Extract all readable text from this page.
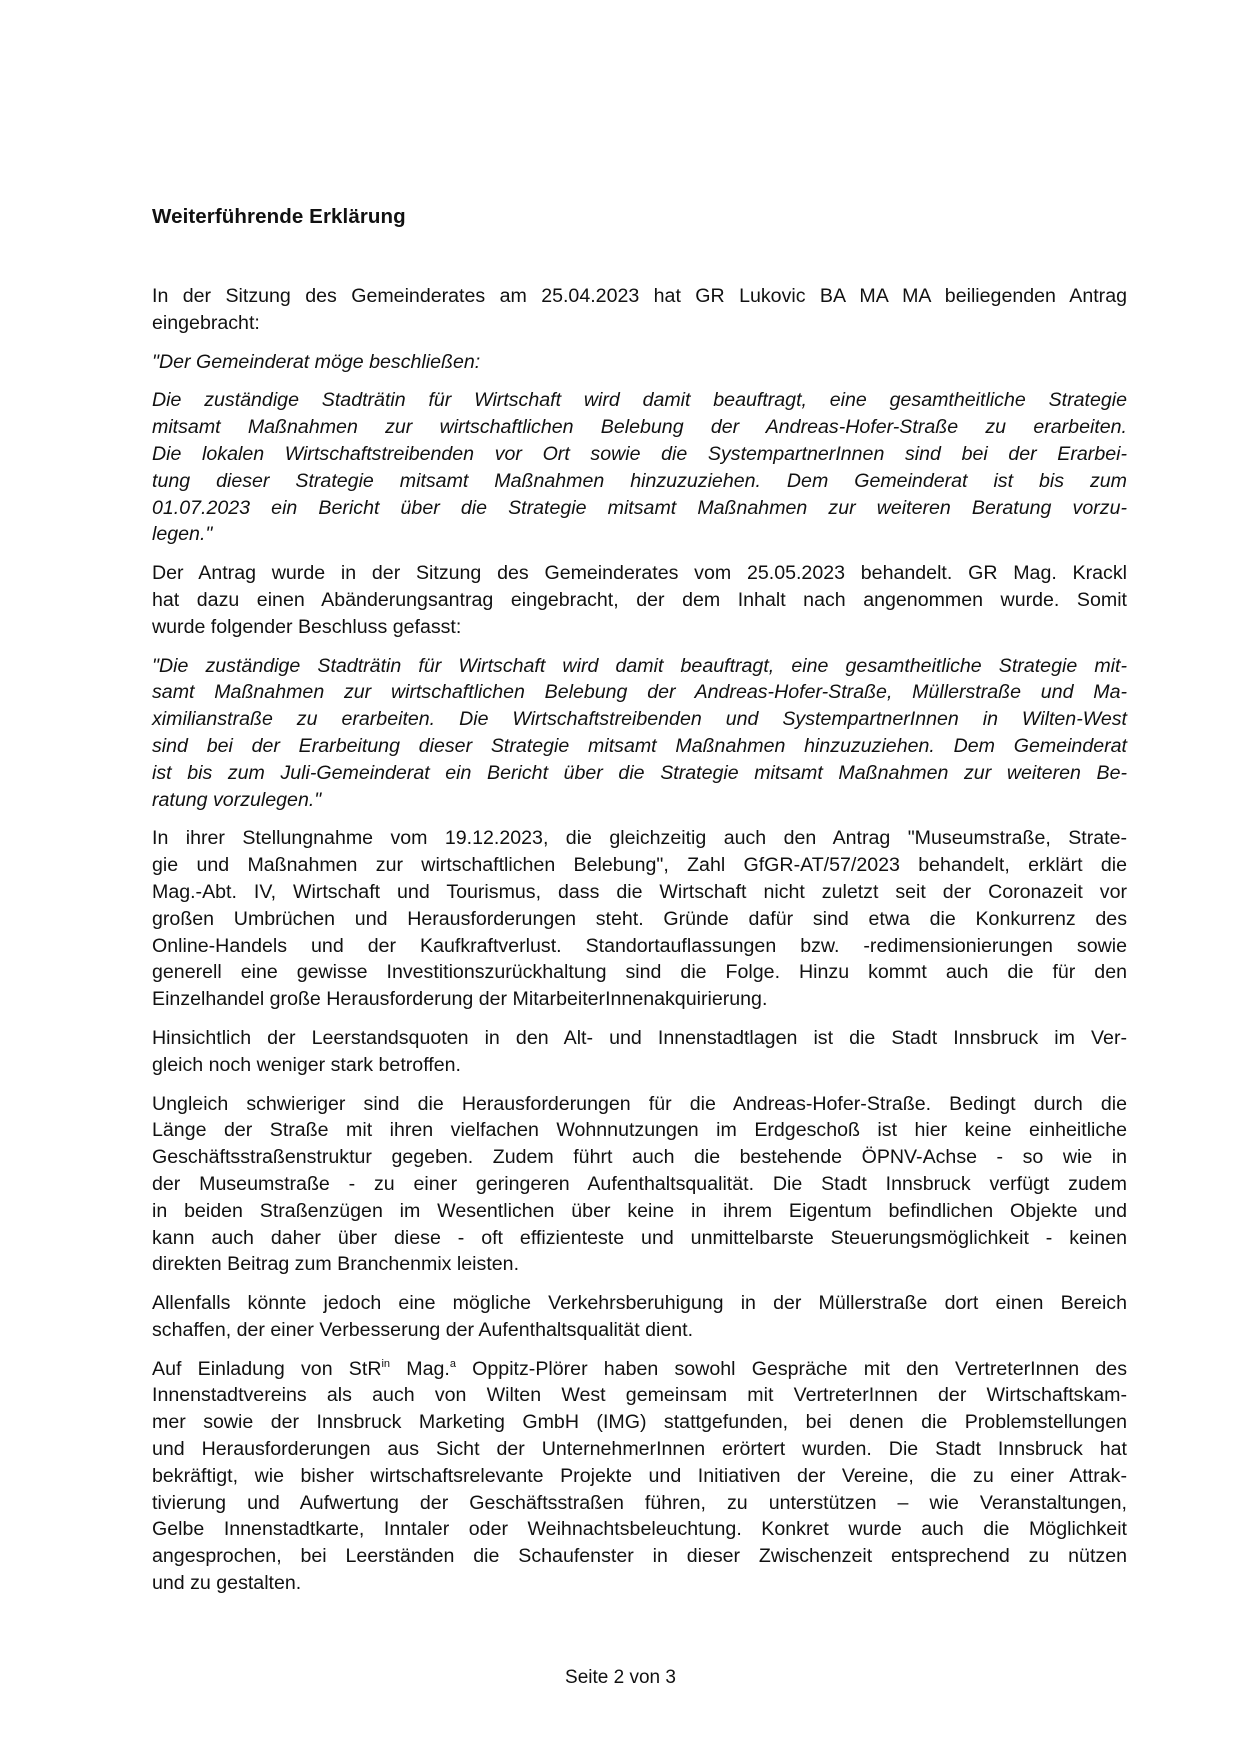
Weiterführende Erklärung
In der Sitzung des Gemeinderates am 25.04.2023 hat GR Lukovic BA MA MA beiliegenden Antrag
eingebracht:
"Der Gemeinderat möge beschließen:
Die zuständige Stadträtin für Wirtschaft wird damit beauftragt, eine gesamtheitliche Strategie
mitsamt Maßnahmen zur wirtschaftlichen Belebung der Andreas-Hofer-Straße zu erarbeiten.
Die lokalen Wirtschaftstreibenden vor Ort sowie die SystempartnerInnen sind bei der Erarbei-
tung dieser Strategie mitsamt Maßnahmen hinzuzuziehen. Dem Gemeinderat ist bis zum
01.07.2023 ein Bericht über die Strategie mitsamt Maßnahmen zur weiteren Beratung vorzu-
legen."
Der Antrag wurde in der Sitzung des Gemeinderates vom 25.05.2023 behandelt. GR Mag. Krackl
hat dazu einen Abänderungsantrag eingebracht, der dem Inhalt nach angenommen wurde. Somit
wurde folgender Beschluss gefasst:
"Die zuständige Stadträtin für Wirtschaft wird damit beauftragt, eine gesamtheitliche Strategie mit-
samt Maßnahmen zur wirtschaftlichen Belebung der Andreas-Hofer-Straße, Müllerstraße und Ma-
ximilianstraße zu erarbeiten. Die Wirtschaftstreibenden und SystempartnerInnen in Wilten-West
sind bei der Erarbeitung dieser Strategie mitsamt Maßnahmen hinzuzuziehen. Dem Gemeinderat
ist bis zum Juli-Gemeinderat ein Bericht über die Strategie mitsamt Maßnahmen zur weiteren Be-
ratung vorzulegen."
In ihrer Stellungnahme vom 19.12.2023, die gleichzeitig auch den Antrag "Museumstraße, Strate-
gie und Maßnahmen zur wirtschaftlichen Belebung", Zahl GfGR-AT/57/2023 behandelt, erklärt die
Mag.-Abt. IV, Wirtschaft und Tourismus, dass die Wirtschaft nicht zuletzt seit der Coronazeit vor
großen Umbrüchen und Herausforderungen steht. Gründe dafür sind etwa die Konkurrenz des
Online-Handels und der Kaufkraftverlust. Standortauflassungen bzw. -redimensionierungen sowie
generell eine gewisse Investitionszurückhaltung sind die Folge. Hinzu kommt auch die für den
Einzelhandel große Herausforderung der MitarbeiterInnenakquirierung.
Hinsichtlich der Leerstandsquoten in den Alt- und Innenstadtlagen ist die Stadt Innsbruck im Ver-
gleich noch weniger stark betroffen.
Ungleich schwieriger sind die Herausforderungen für die Andreas-Hofer-Straße. Bedingt durch die
Länge der Straße mit ihren vielfachen Wohnnutzungen im Erdgeschoß ist hier keine einheitliche
Geschäftsstraßenstruktur gegeben. Zudem führt auch die bestehende ÖPNV-Achse - so wie in
der Museumstraße - zu einer geringeren Aufenthaltsqualität. Die Stadt Innsbruck verfügt zudem
in beiden Straßenzügen im Wesentlichen über keine in ihrem Eigentum befindlichen Objekte und
kann auch daher über diese - oft effizienteste und unmittelbarste Steuerungsmöglichkeit - keinen
direkten Beitrag zum Branchenmix leisten.
Allenfalls könnte jedoch eine mögliche Verkehrsberuhigung in der Müllerstraße dort einen Bereich
schaffen, der einer Verbesserung der Aufenthaltsqualität dient.
Auf Einladung von StR$^{in}$ Mag.$^a$ Oppitz-Plörer haben sowohl Gespräche mit den VertreterInnen des
Innenstadtvereins als auch von Wilten West gemeinsam mit VertreterInnen der Wirtschaftskam-
mer sowie der Innsbruck Marketing GmbH (IMG) stattgefunden, bei denen die Problemstellungen
und Herausforderungen aus Sicht der UnternehmerInnen erörtert wurden. Die Stadt Innsbruck hat
bekräftigt, wie bisher wirtschaftsrelevante Projekte und Initiativen der Vereine, die zu einer Attrak-
tivierung und Aufwertung der Geschäftsstraßen führen, zu unterstützen – wie Veranstaltungen,
Gelbe Innenstadtkarte, Inntaler oder Weihnachtsbeleuchtung. Konkret wurde auch die Möglichkeit
angesprochen, bei Leerständen die Schaufenster in dieser Zwischenzeit entsprechend zu nützen
und zu gestalten.
Seite 2 von 3
